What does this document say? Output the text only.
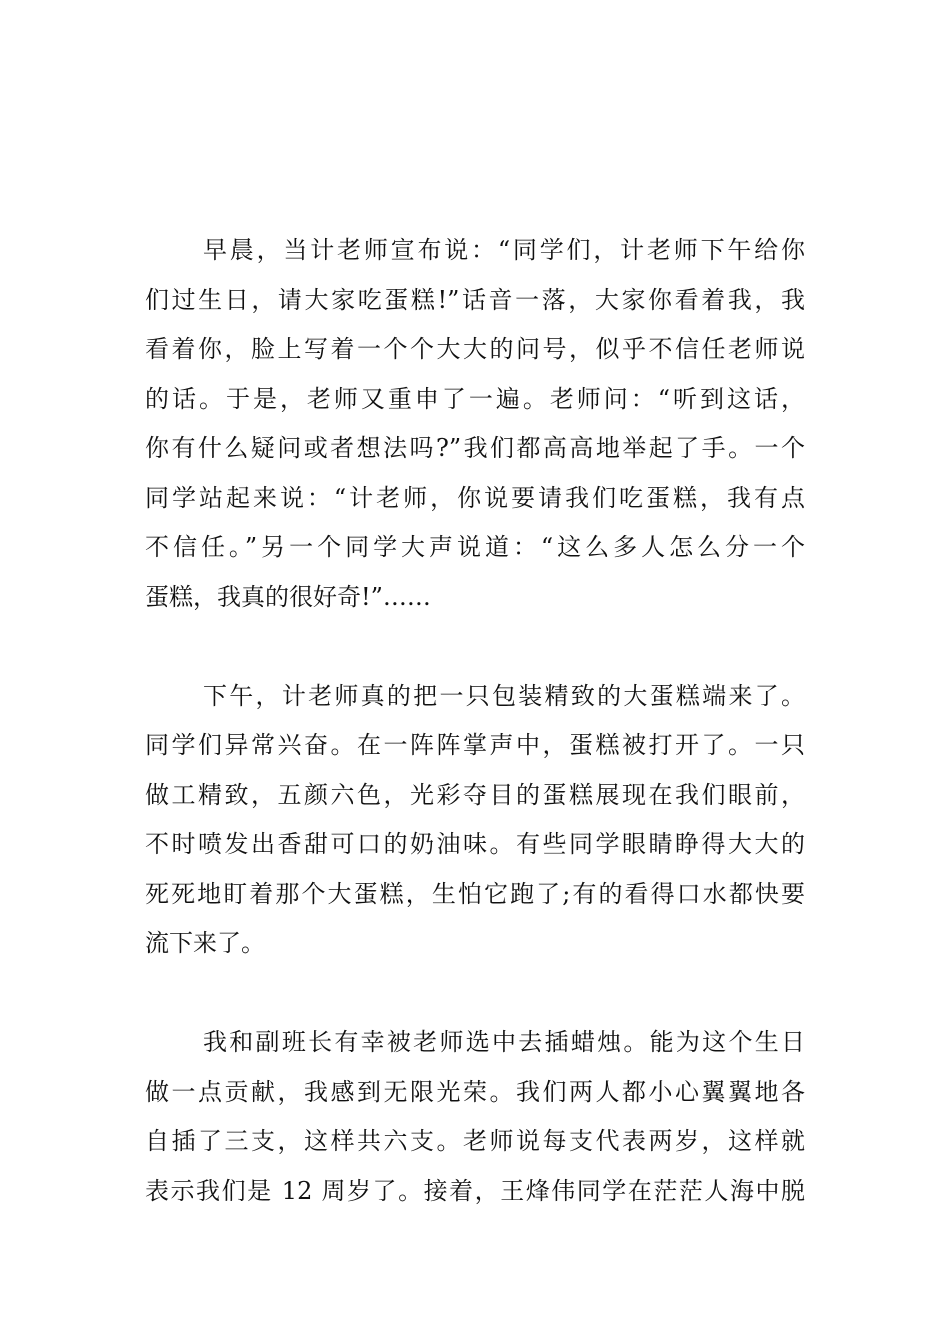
早晨，当计老师宣布说：“同学们，计老师下午给你
们过生日，请大家吃蛋糕!”话音一落，大家你看着我，我
看着你，脸上写着一个个大大的问号，似乎不信任老师说
的话。于是，老师又重申了一遍。老师问：“听到这话，
你有什么疑问或者想法吗?”我们都高高地举起了手。一个
同学站起来说：“计老师，你说要请我们吃蛋糕，我有点
不信任。”另一个同学大声说道：“这么多人怎么分一个
蛋糕，我真的很好奇!”……
下午，计老师真的把一只包装精致的大蛋糕端来了。
同学们异常兴奋。在一阵阵掌声中，蛋糕被打开了。一只
做工精致，五颜六色，光彩夺目的蛋糕展现在我们眼前，
不时喷发出香甜可口的奶油味。有些同学眼睛睁得大大的
死死地盯着那个大蛋糕，生怕它跑了;有的看得口水都快要
流下来了。
我和副班长有幸被老师选中去插蜡烛。能为这个生日
做一点贡献，我感到无限光荣。我们两人都小心翼翼地各
自插了三支，这样共六支。老师说每支代表两岁，这样就
表示我们是 12 周岁了。接着，王烽伟同学在茫茫人海中脱
